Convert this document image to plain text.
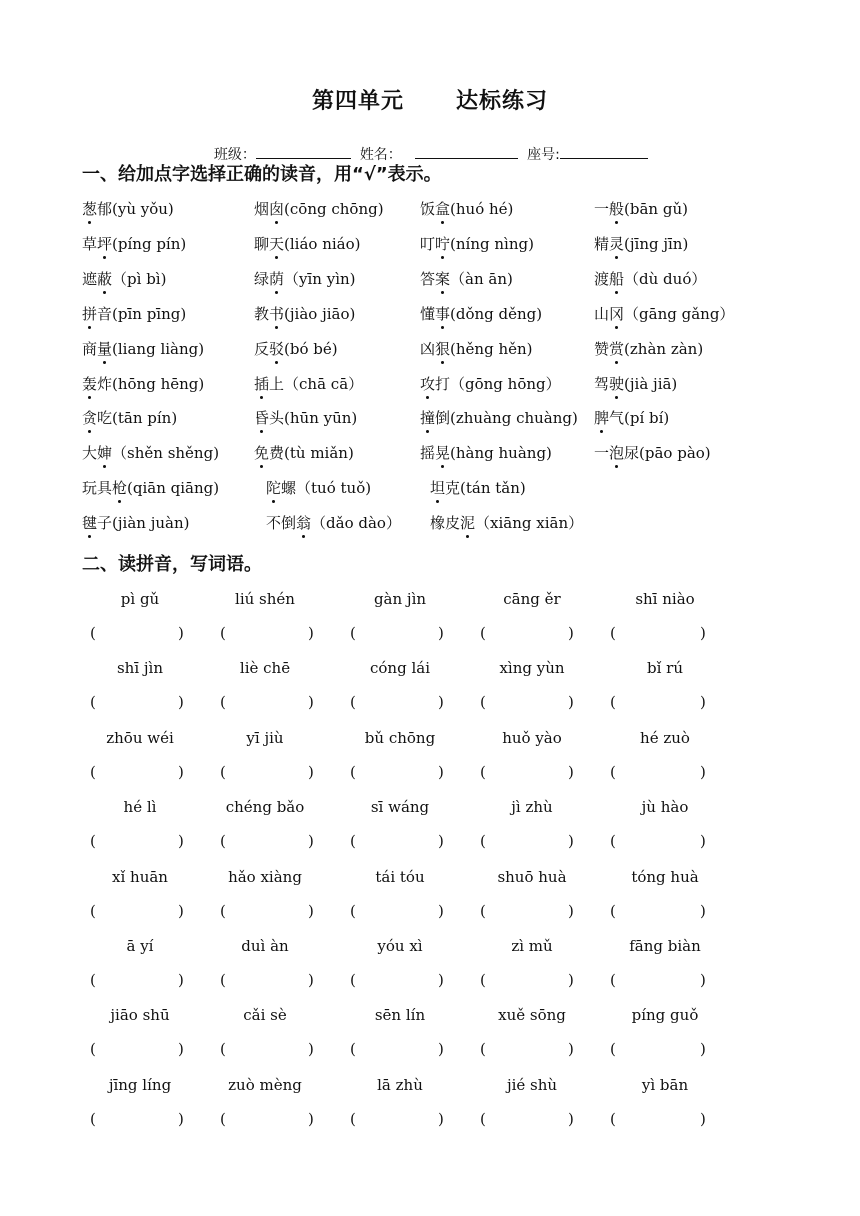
第四单元      达标练习

班级：	姓名：	座号:

一、给加点字选择正确的读音，用“√”表示。
葱郁(yù yǒu)	烟囱(cōng chōng) 饭盒(huó hé)	一般(bān gǔ)
草坪(píng pín)	聊天(liáo niáo)	叮咛(níng nìng)	精灵(jīng jīn)
遮蔽（pì bì)	绿荫（yīn yìn)	答案（àn ān)	渡船（dù duó）
拼音(pīn pīng)	教书(jiào jiāo)	懂事(dǒng děng)	山冈（gāng gǎng）
商量(liang liàng)	反驳(bó bé)	凶狠(hěng hěn)	赞赏(zhàn zàn)
轰炸(hōng hēng)	插上（chā cā）	攻打（gōng hōng） 驾驶(jià jiā)
贪吃(tān pín)	昏头(hūn yūn)	撞倒(zhuàng chuàng) 脾气(pí bí)
大婶（shěn shěng) 免费(tù miǎn)	摇晃(hàng huàng)	一泡尿(pāo pào)
玩具枪(qiān qiāng)	陀螺（tuó tuǒ)	坦克(tán tǎn)
毽子(jiàn juàn)	不倒翁（dǎo dào） 橡皮泥（xiāng xiān）
二、读拼音，写词语。
pì gǔ	liú shén	gàn jìn	cāng ěr	shī niào
(	) (	) (	) (	) (	)
shī jìn	liè chē	cóng lái	xìng yùn	bǐ rú
(	) (	) (	) (	) (	)
zhōu wéi	yī jiù	bǔ chōng	huǒ yào	hé zuò
(	) (	) (	) (	) (	)
hé lì	chéng bǎo	sī wáng	jì zhù	jù hào
(	) (	) (	) (	) (	)
xǐ huān	hǎo xiàng	tái tóu	shuō huà	tóng huà
(	) (	) (	) (	) (	)
ā yí	duì àn	yóu xì	zì mǔ	fāng biàn
(	) (	) (	) (	) (	)
jiāo shū	cǎi sè	sēn lín	xuě sōng	píng guǒ
(	) (	) (	) (	) (	)
jīng líng	zuò mèng	lā zhù	jié shù	yì bān
(	) (	) (	) (	) (	)
